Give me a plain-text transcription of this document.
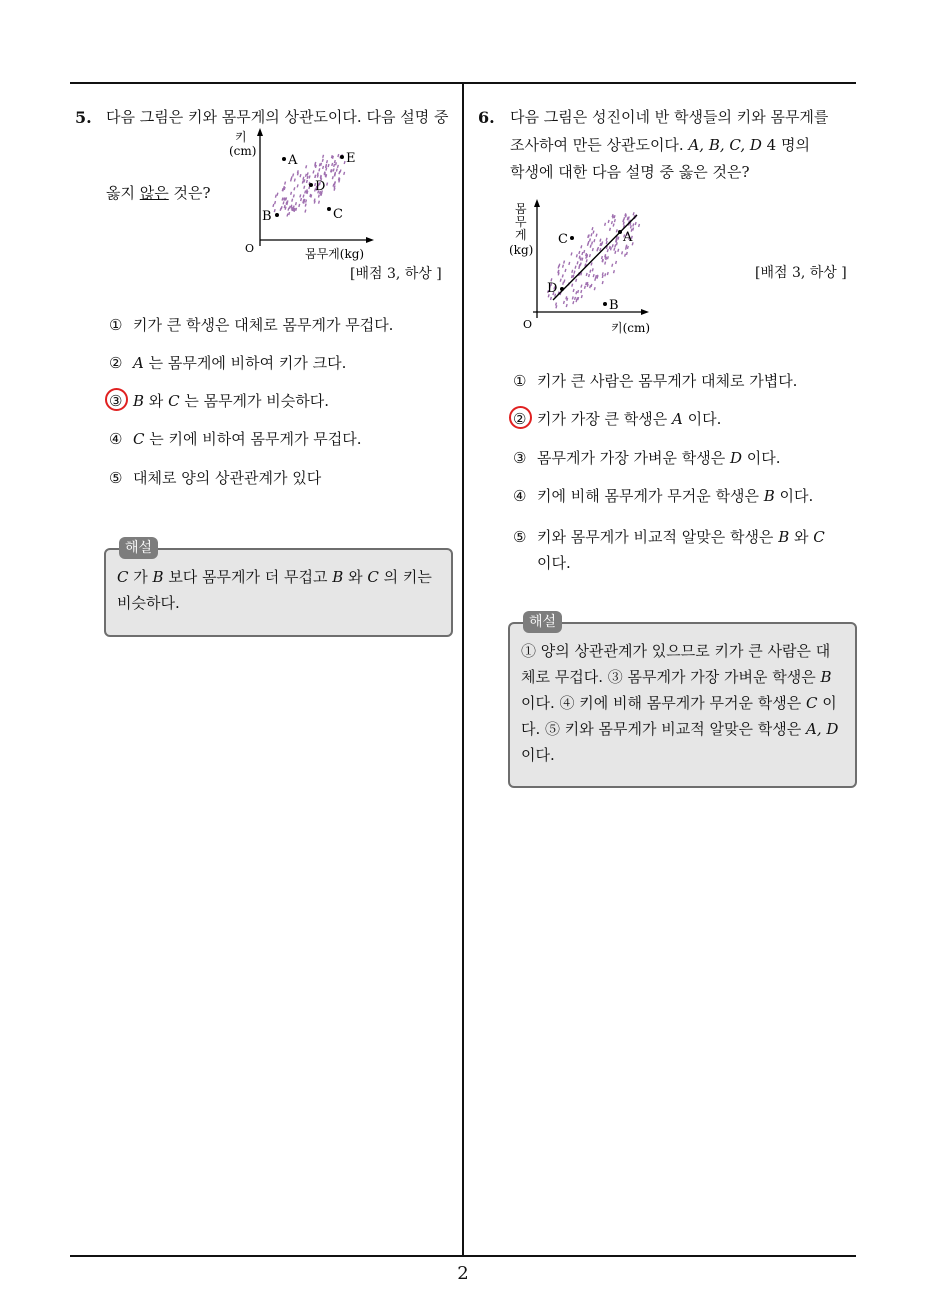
5. 다음 그림은 키와 몸무게의 상관도이다. 다음 설명 중
옳지 않은 것은?
키
(cm)
O	몸무게(kg)
A	E
D
B	C
[배점 3, 하상 ]
① 키가 큰 학생은 대체로 몸무게가 무겁다.
② A 는 몸무게에 비하여 키가 크다.
③ B 와 C 는 몸무게가 비슷하다.
④ C 는 키에 비하여 몸무게가 무겁다.
⑤ 대체로 양의 상관관계가 있다
C 가 B 보다 몸무게가 더 무겁고 B 와 C 의 키는
비슷하다.
해설
6. 다음 그림은 성진이네 반 학생들의 키와 몸무게를
조사하여 만든 상관도이다. A, B, C, D 4 명의
학생에 대한 다음 설명 중 옳은 것은?
몸
무
게
(kg)
O	키(cm)
C	A
D
B
[배점 3, 하상 ]
① 키가 큰 사람은 몸무게가 대체로 가볍다.
② 키가 가장 큰 학생은 A 이다.
③ 몸무게가 가장 가벼운 학생은 D 이다.
④ 키에 비해 몸무게가 무거운 학생은 B 이다.
⑤ 키와 몸무게가 비교적 알맞은 학생은 B 와 C
이다.
① 양의 상관관계가 있으므로 키가 큰 사람은 대
체로 무겁다. ③ 몸무게가 가장 가벼운 학생은 B
이다. ④ 키에 비해 몸무게가 무거운 학생은 C 이
다. ⑤ 키와 몸무게가 비교적 알맞은 학생은 A, D
이다.
해설
2
